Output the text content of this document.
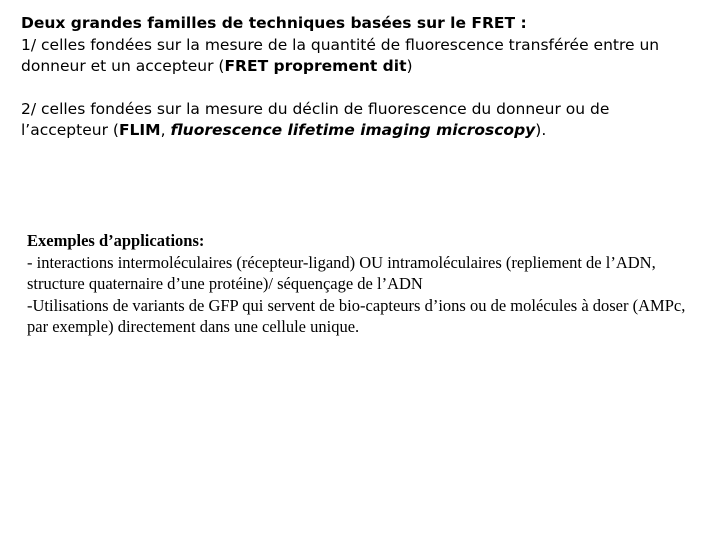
Deux grandes familles de techniques basées sur le FRET :

1/ celles fondées sur la mesure de la quantité de fluorescence transférée entre un donneur et un accepteur (FRET proprement dit)

2/ celles fondées sur la mesure du déclin de fluorescence du donneur ou de l’accepteur (FLIM, fluorescence lifetime imaging microscopy).

Exemples d’applications:

- interactions intermoléculaires (récepteur-ligand) OU intramoléculaires (repliement de l’ADN, structure quaternaire d’une protéine)/ séquençage de l’ADN

-Utilisations de variants de GFP qui servent de bio-capteurs d’ions ou de molécules à doser (AMPc, par exemple) directement dans une cellule unique.
